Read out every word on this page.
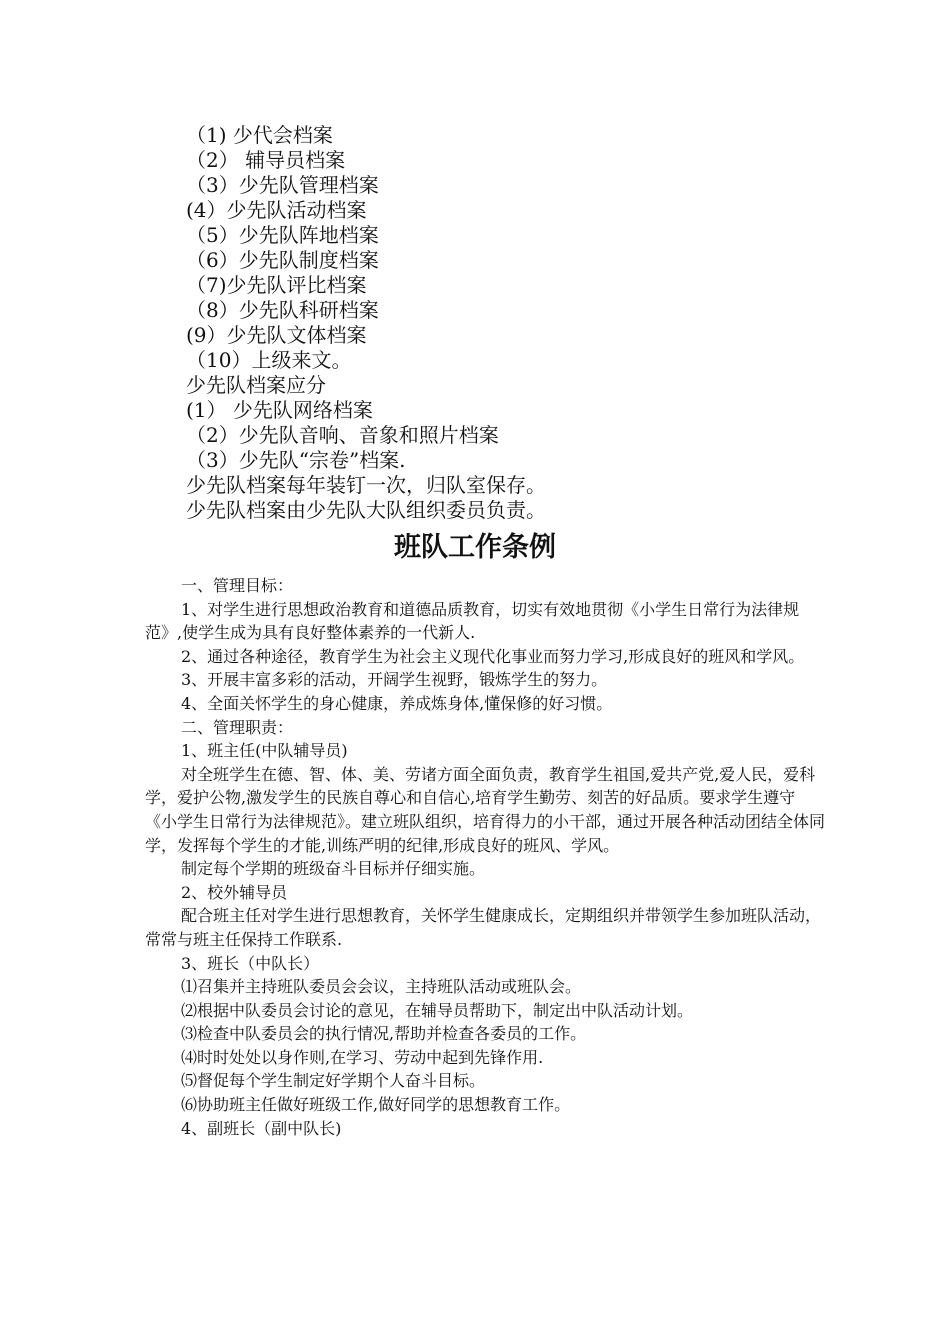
（1) 少代会档案
（2） 辅导员档案
（3）少先队管理档案
(4）少先队活动档案
（5）少先队阵地档案
（6）少先队制度档案
（7)少先队评比档案
（8）少先队科研档案
(9）少先队文体档案
（10）上级来文。
少先队档案应分
(1） 少先队网络档案
（2）少先队音响、音象和照片档案
（3）少先队“宗卷”档案.
少先队档案每年装钉一次，归队室保存。
少先队档案由少先队大队组织委员负责。
班队工作条例

一、管理目标：

1、对学生进行思想政治教育和道德品质教育，切实有效地贯彻《小学生日常行为法律规范》,使学生成为具有良好整体素养的一代新人.

2、通过各种途径，教育学生为社会主义现代化事业而努力学习,形成良好的班风和学风。

3、开展丰富多彩的活动，开阔学生视野，锻炼学生的努力。

4、全面关怀学生的身心健康，养成炼身体,懂保修的好习惯。

二、管理职责：

1、班主任(中队辅导员)

对全班学生在德、智、体、美、劳诸方面全面负责，教育学生祖国,爱共产党,爱人民，爱科学，爱护公物,激发学生的民族自尊心和自信心,培育学生勤劳、刻苦的好品质。要求学生遵守《小学生日常行为法律规范》。建立班队组织，培育得力的小干部，通过开展各种活动团结全体同学，发挥每个学生的才能,训练严明的纪律,形成良好的班风、学风。

制定每个学期的班级奋斗目标并仔细实施。

2、校外辅导员

配合班主任对学生进行思想教育，关怀学生健康成长，定期组织并带领学生参加班队活动，常常与班主任保持工作联系.

3、班长（中队长）

⑴召集并主持班队委员会会议，主持班队活动或班队会。

⑵根据中队委员会讨论的意见，在辅导员帮助下，制定出中队活动计划。

⑶检查中队委员会的执行情况,帮助并检查各委员的工作。

⑷时时处处以身作则,在学习、劳动中起到先锋作用.

⑸督促每个学生制定好学期个人奋斗目标。

⑹协助班主任做好班级工作,做好同学的思想教育工作。

4、副班长（副中队长)
